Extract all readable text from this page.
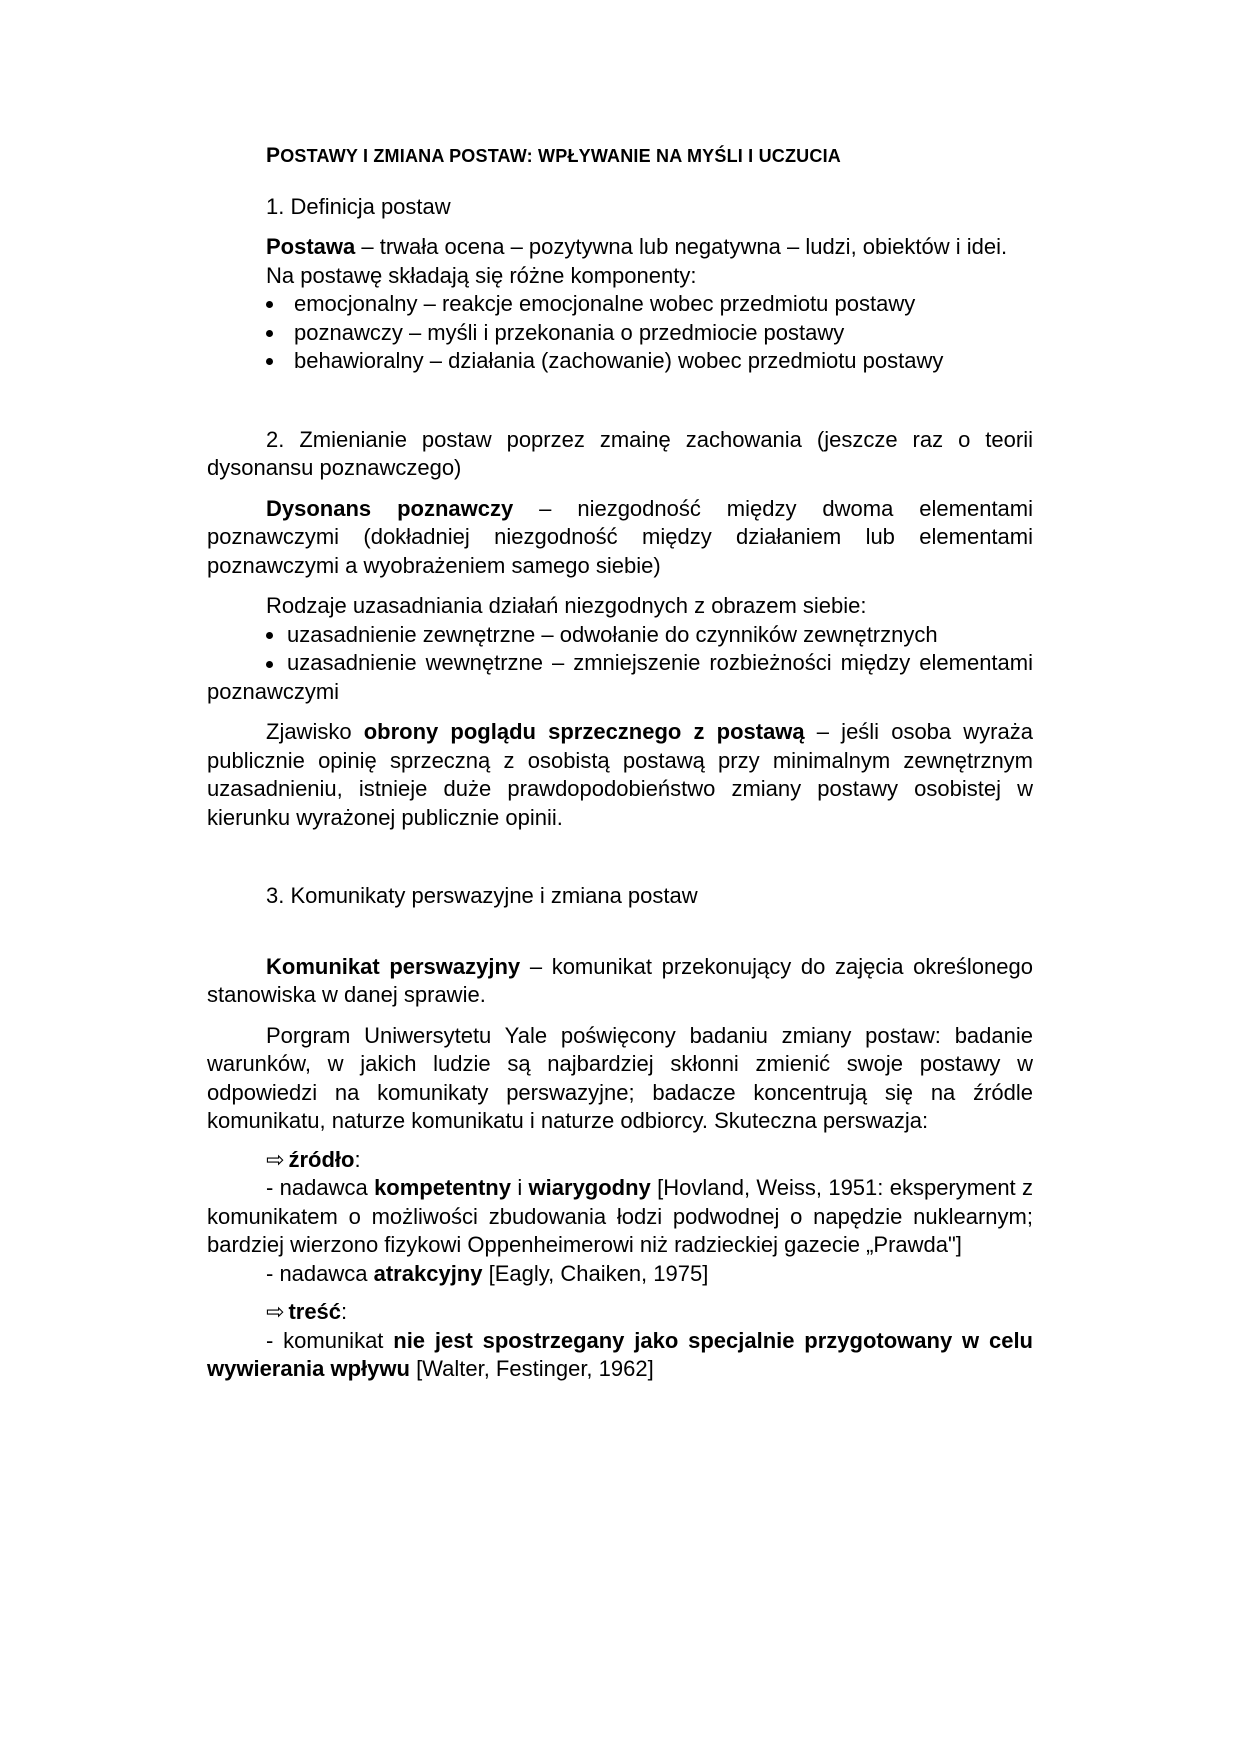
POSTAWY I ZMIANA POSTAW: WPŁYWANIE NA MYŚLI I UCZUCIA

1. Definicja postaw

Postawa – trwała ocena – pozytywna lub negatywna – ludzi, obiektów i idei.

Na postawę składają się różne komponenty:

emocjonalny – reakcje emocjonalne wobec przedmiotu postawy
poznawczy – myśli i przekonania o przedmiocie postawy
behawioralny – działania (zachowanie) wobec przedmiotu postawy

2. Zmienianie postaw poprzez zmainę zachowania (jeszcze raz o teorii dysonansu poznawczego)

Dysonans poznawczy – niezgodność między dwoma elementami poznawczymi (dokładniej niezgodność między działaniem lub elementami poznawczymi a wyobrażeniem samego siebie)

Rodzaje uzasadniania działań niezgodnych z obrazem siebie:

uzasadnienie zewnętrzne – odwołanie do czynników zewnętrznych

uzasadnienie wewnętrzne – zmniejszenie rozbieżności między elementami poznawczymi

Zjawisko obrony poglądu sprzecznego z postawą – jeśli osoba wyraża publicznie opinię sprzeczną z osobistą postawą przy minimalnym zewnętrznym uzasadnieniu, istnieje duże prawdopodobieństwo zmiany postawy osobistej w kierunku wyrażonej publicznie opinii.

3. Komunikaty perswazyjne i zmiana postaw

Komunikat perswazyjny – komunikat przekonujący do zajęcia określonego stanowiska w danej sprawie.

Porgram Uniwersytetu Yale poświęcony badaniu zmiany postaw: badanie warunków, w jakich ludzie są najbardziej skłonni zmienić swoje postawy w odpowiedzi na komunikaty perswazyjne; badacze koncentrują się na źródle komunikatu, naturze komunikatu i naturze odbiorcy. Skuteczna perswazja:

⇨ źródło:

- nadawca kompetentny i wiarygodny [Hovland, Weiss, 1951: eksperyment z komunikatem o możliwości zbudowania łodzi podwodnej o napędzie nuklearnym; bardziej wierzono fizykowi Oppenheimerowi niż radzieckiej gazecie „Prawda"]

- nadawca atrakcyjny [Eagly, Chaiken, 1975]

⇨ treść:

- komunikat nie jest spostrzegany jako specjalnie przygotowany w celu wywierania wpływu [Walter, Festinger, 1962]
